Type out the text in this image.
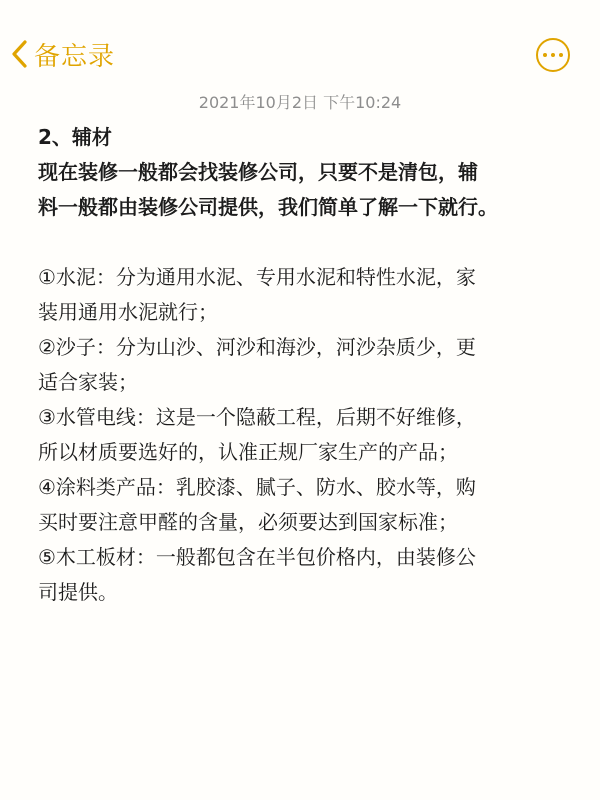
备忘录
2021年10月2日 下午10:24
2、辅材
现在装修一般都会找装修公司，只要不是清包，辅
料一般都由装修公司提供，我们简单了解一下就行。
①水泥：分为通用水泥、专用水泥和特性水泥，家
装用通用水泥就行；
②沙子：分为山沙、河沙和海沙，河沙杂质少，更
适合家装；
③水管电线：这是一个隐蔽工程，后期不好维修，
所以材质要选好的，认准正规厂家生产的产品；
④涂料类产品：乳胶漆、腻子、防水、胶水等，购
买时要注意甲醛的含量，必须要达到国家标准；
⑤木工板材：一般都包含在半包价格内，由装修公
司提供。
